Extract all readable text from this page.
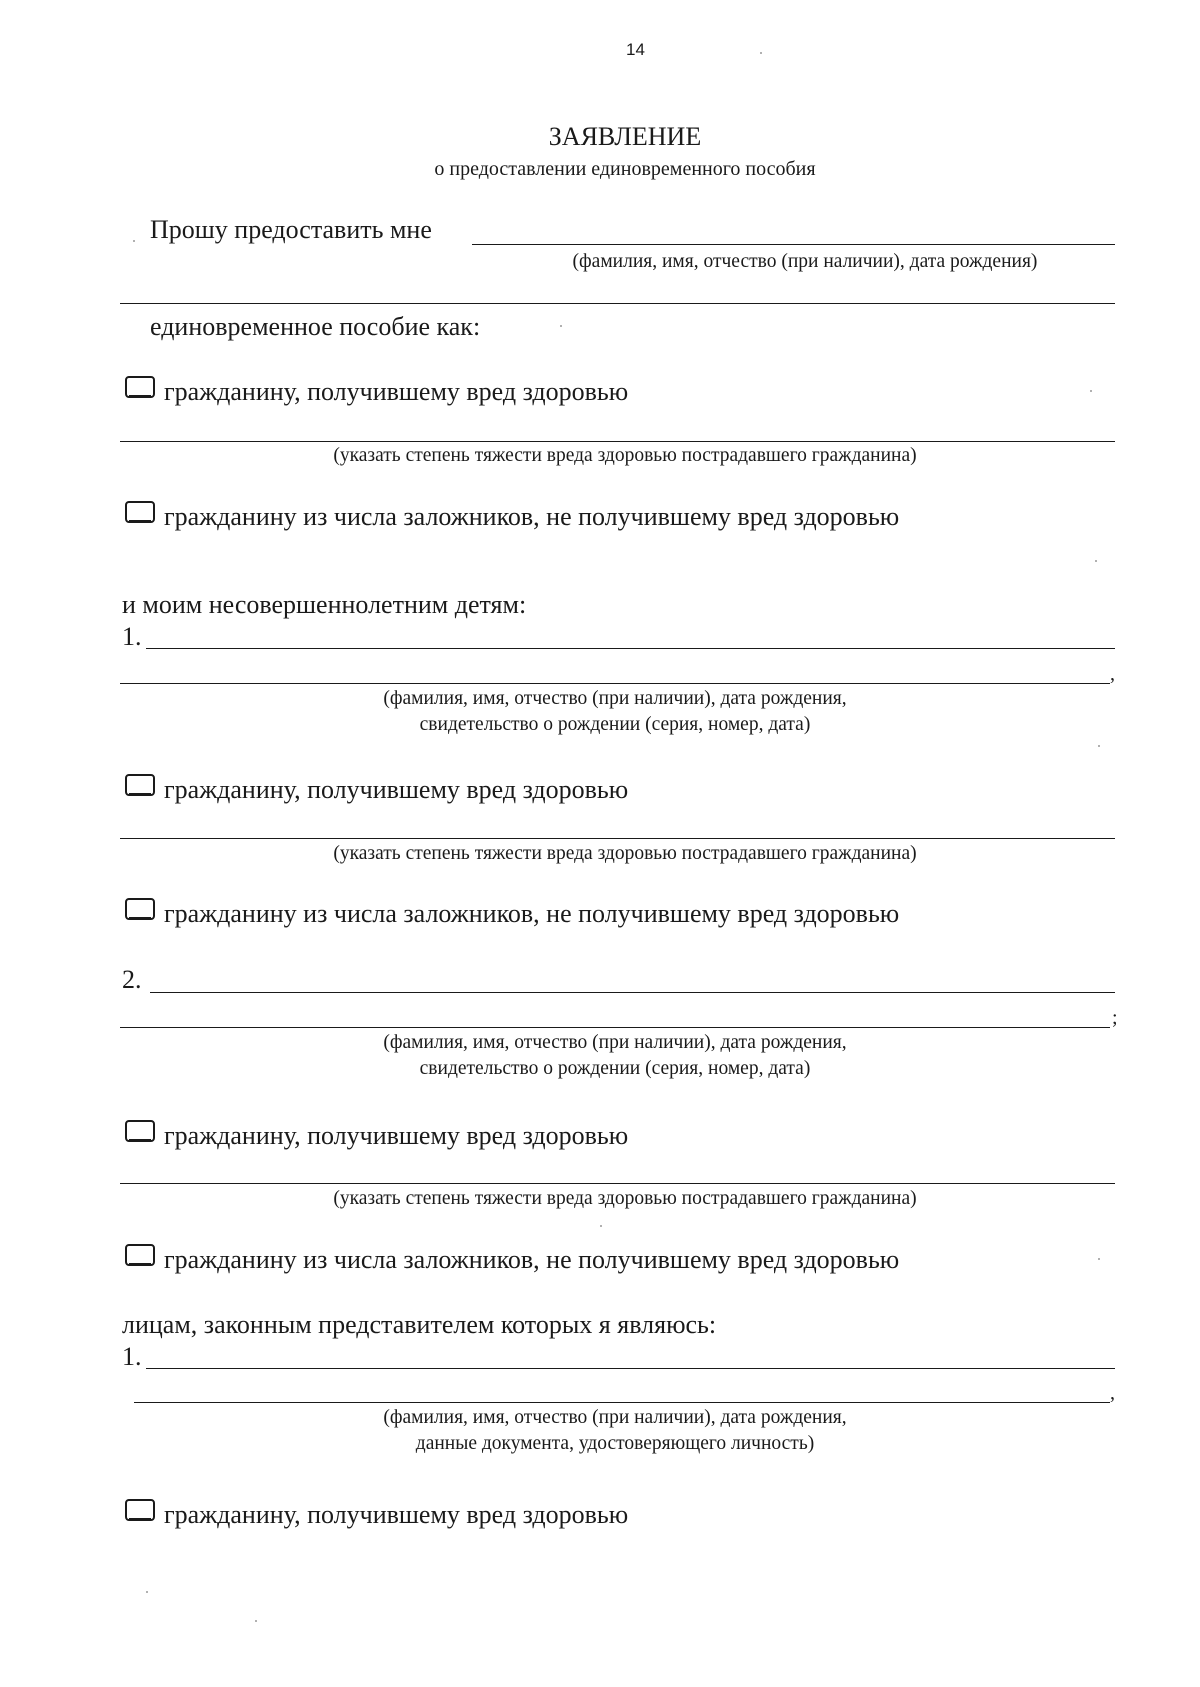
14
ЗАЯВЛЕНИЕ
о предоставлении единовременного пособия
Прошу предоставить мне
(фамилия, имя, отчество (при наличии), дата рождения)
единовременное пособие как:
гражданину, получившему вред здоровью
(указать степень тяжести вреда здоровью пострадавшего гражданина)
гражданину из числа заложников, не получившему вред здоровью
и моим несовершеннолетним детям:
1.
,
(фамилия, имя, отчество (при наличии), дата рождения,
свидетельство о рождении (серия, номер, дата)
гражданину, получившему вред здоровью
(указать степень тяжести вреда здоровью пострадавшего гражданина)
гражданину из числа заложников, не получившему вред здоровью
2.
;
(фамилия, имя, отчество (при наличии), дата рождения,
свидетельство о рождении (серия, номер, дата)
гражданину, получившему вред здоровью
(указать степень тяжести вреда здоровью пострадавшего гражданина)
гражданину из числа заложников, не получившему вред здоровью
лицам, законным представителем которых я являюсь:
1.
,
(фамилия, имя, отчество (при наличии), дата рождения,
данные документа, удостоверяющего личность)
гражданину, получившему вред здоровью
